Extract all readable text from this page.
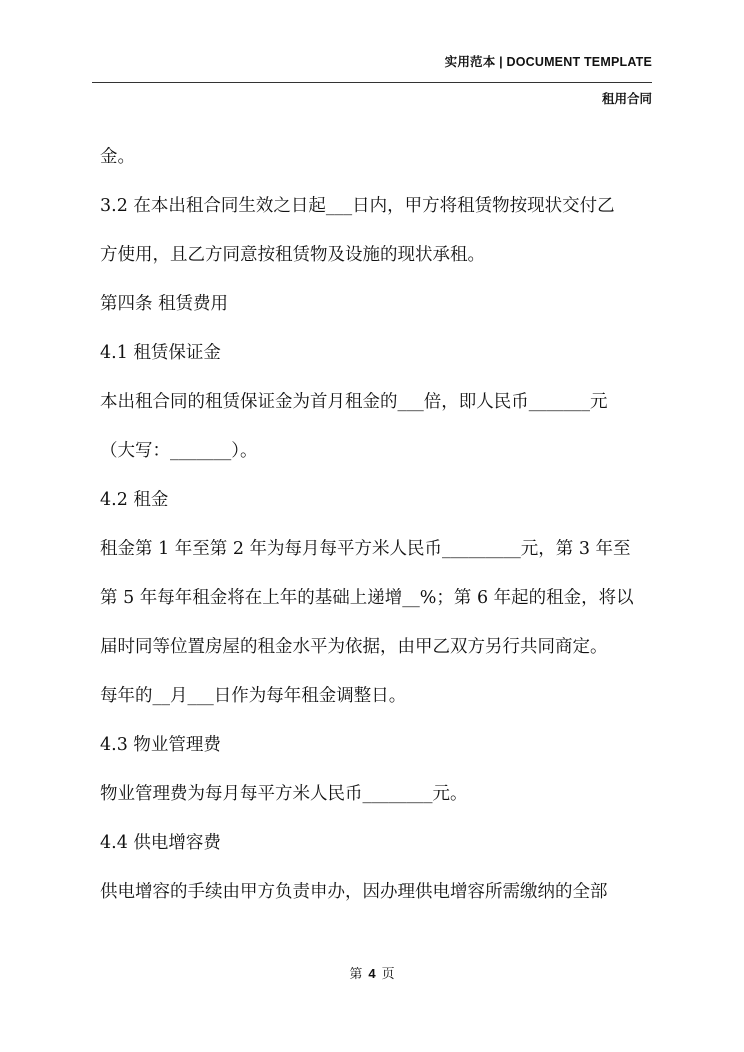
实用范本 | DOCUMENT TEMPLATE
租用合同
金。
3.2 在本出租合同生效之日起___日内，甲方将租赁物按现状交付乙
方使用，且乙方同意按租赁物及设施的现状承租。
第四条 租赁费用
4.1 租赁保证金
本出租合同的租赁保证金为首月租金的___倍，即人民币_______元
（大写：_______）。
4.2 租金
租金第 1 年至第 2 年为每月每平方米人民币_________元，第 3 年至
第 5 年每年租金将在上年的基础上递增__%；第 6 年起的租金，将以
届时同等位置房屋的租金水平为依据，由甲乙双方另行共同商定。
每年的__月___日作为每年租金调整日。
4.3 物业管理费
物业管理费为每月每平方米人民币________元。
4.4 供电增容费
供电增容的手续由甲方负责申办，因办理供电增容所需缴纳的全部
第 4 页
